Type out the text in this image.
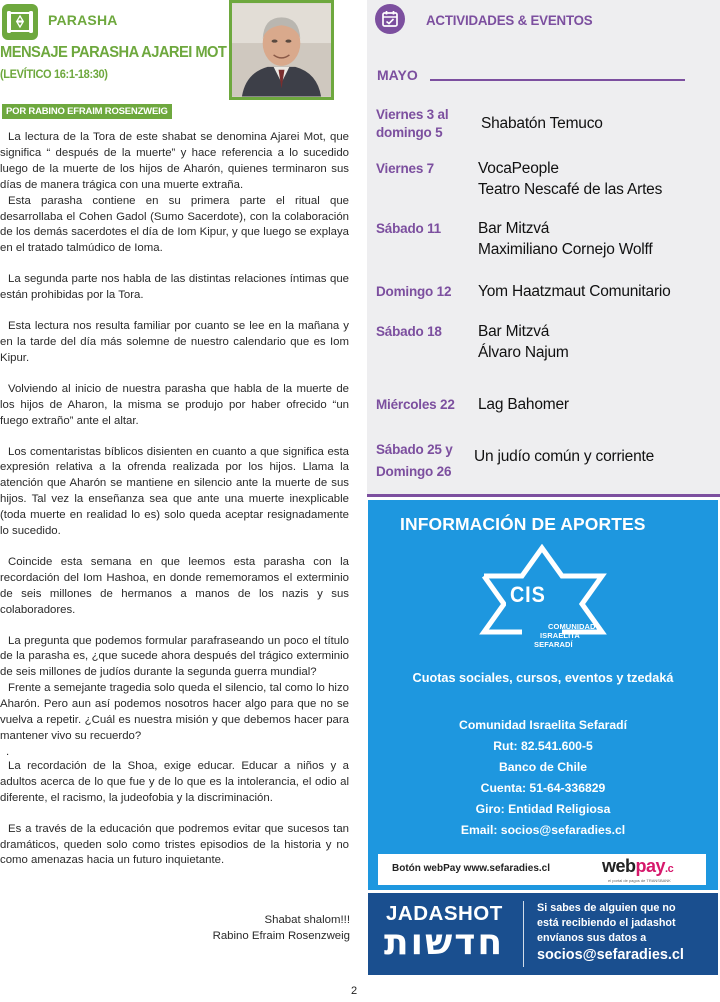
PARASHA
MENSAJE PARASHA AJAREI MOT
(LEVÍTICO 16:1-18:30)
POR RABINO EFRAIM ROSENZWEIG

La lectura de la Tora de este shabat se denomina Ajarei Mot, que significa “ después de la muerte” y hace referencia a lo sucedido luego de la muerte de los hijos de Aharón, quienes terminaron sus días de manera trágica con una muerte extraña.

Esta parasha contiene en su primera parte el ritual que desarrollaba el Cohen Gadol (Sumo Sacerdote), con la colaboración de los demás sacerdotes el día de Iom Kipur, y que luego se explaya en el tratado talmúdico de Ioma.

La segunda parte nos habla de las distintas relaciones íntimas que están prohibidas por la Tora.

Esta lectura nos resulta familiar por cuanto se lee en la mañana y en la tarde del día más solemne de nuestro calendario que es Iom Kipur.

Volviendo al inicio de nuestra parasha que habla de la muerte de los hijos de Aharon, la misma se produjo por haber ofrecido “un fuego extraño” ante el altar.

Los comentaristas bíblicos disienten en cuanto a que significa esta expresión relativa a la ofrenda realizada por los hijos. Llama la atención que Aharón se mantiene en silencio ante la muerte de sus hijos. Tal vez la enseñanza sea que ante una muerte inexplicable (toda muerte en realidad lo es) solo queda aceptar resignadamente lo sucedido.

Coincide esta semana en que leemos esta parasha con la recordación del Iom Hashoa, en donde rememoramos el exterminio de seis millones de hermanos a manos de los nazis y sus colaboradores.

La pregunta que podemos formular parafraseando un poco el título de la parasha es, ¿que sucede ahora después del trágico exterminio de seis millones de judíos durante la segunda guerra mundial?

Frente a semejante tragedia solo queda el silencio, tal como lo hizo Aharón. Pero aun así podemos nosotros hacer algo para que no se vuelva a repetir. ¿Cuál es nuestra misión y que debemos hacer para mantener vivo su recuerdo?

.

La recordación de la Shoa, exige educar. Educar a niños y a adultos acerca de lo que fue y de lo que es la intolerancia, el odio al diferente, el racismo, la judeofobia y la discriminación.

Es a través de la educación que podremos evitar que sucesos tan dramáticos, queden solo como tristes episodios de la historia y no como amenazas hacia un futuro inquietante.

Shabat shalom!!!
Rabino Efraim Rosenzweig
ACTIVIDADES & EVENTOS
MAYO
Viernes 3 al
domingo 5
Shabatón Temuco
Viernes 7	VocaPeople
Teatro Nescafé de las Artes
Sábado 11 Bar Mitzvá
Maximiliano Cornejo Wolff
Domingo 12 Yom Haatzmaut Comunitario
Sábado 18 Bar Mitzvá
Álvaro Najum
Miércoles 22 Lag Bahomer
Sábado 25 y
Domingo 26
Un judío común y corriente
INFORMACIÓN DE APORTES
CIS
COMUNIDAD
ISRAELITA
SEFARADÍ
Cuotas sociales, cursos, eventos y tzedaká
Comunidad Israelita Sefaradí
Rut: 82.541.600-5
Banco de Chile
Cuenta: 51-64-336829
Giro: Entidad Religiosa
Email: socios@sefaradies.cl
Botón webPay www.sefaradies.cl	webpay.c
el portal de pagos de TRANSBANK
JADASHOT
חדשות
Si sabes de alguien que no
está recibiendo el jadashot
envíanos sus datos a
socios@sefaradies.cl
2
